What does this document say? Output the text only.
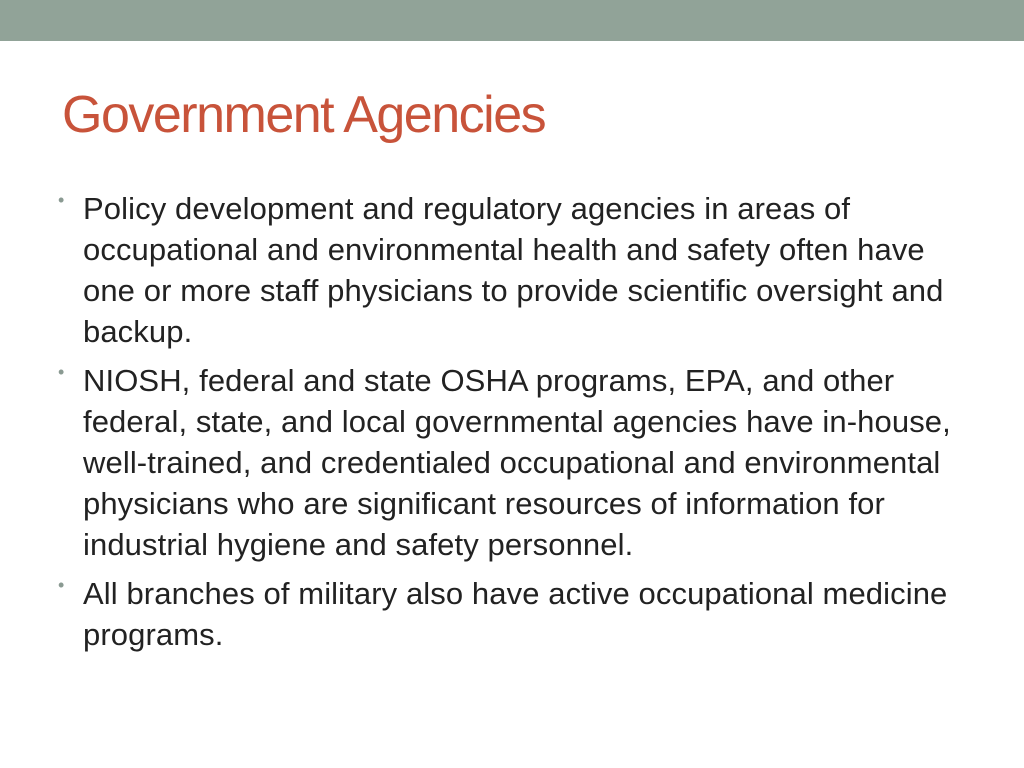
Government Agencies
• Policy development and regulatory agencies in areas of occupational and environmental health and safety often have one or more staff physicians to provide scientific oversight and backup.
• NIOSH, federal and state OSHA programs, EPA, and other federal, state, and local governmental agencies have in-house, well-trained, and credentialed occupational and environmental physicians who are significant resources of information for industrial hygiene and safety personnel.
• All branches of military also have active occupational medicine programs.
